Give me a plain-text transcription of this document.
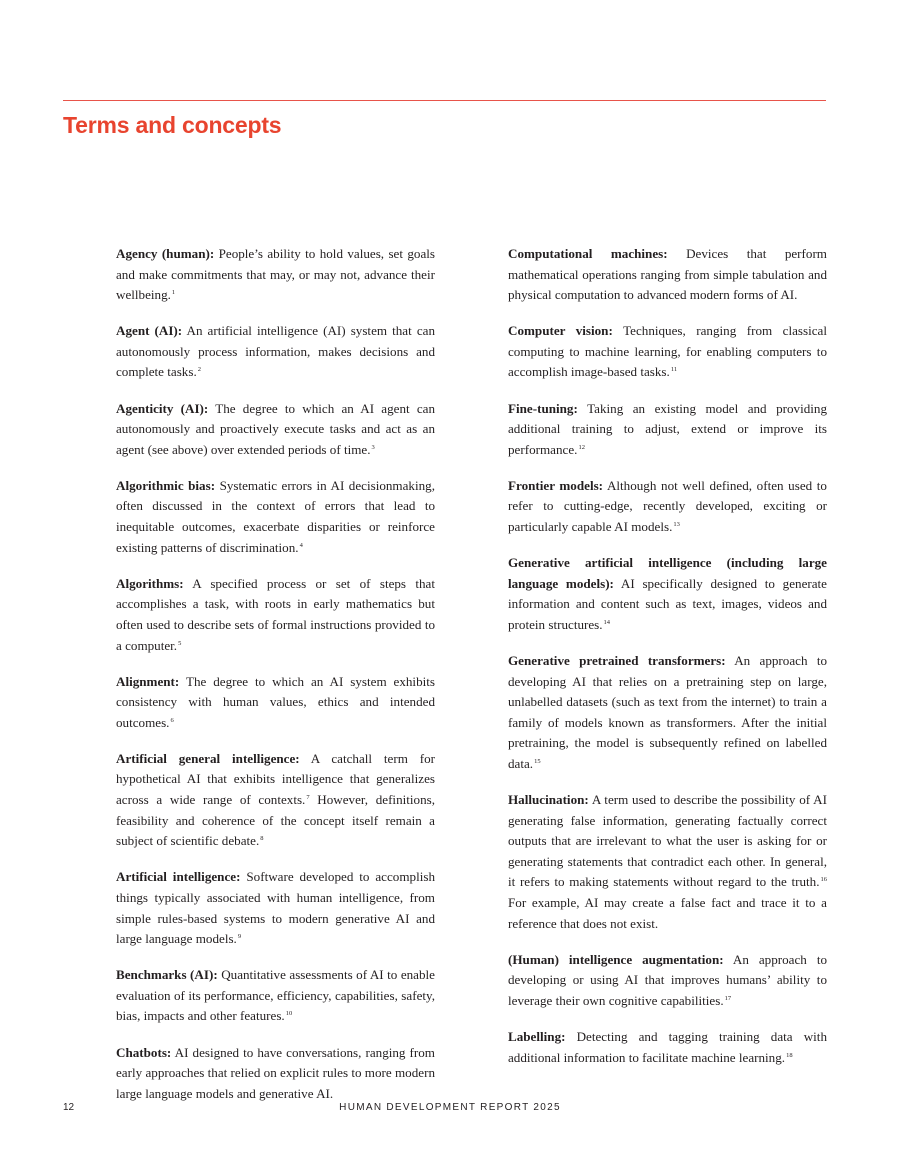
Terms and concepts

Agency (human): People’s ability to hold values, set goals and make commitments that may, or may not, advance their wellbeing.$^1$

Agent (AI): An artificial intelligence (AI) system that can autonomously process information, makes decisions and complete tasks.$^2$

Agenticity (AI): The degree to which an AI agent can autonomously and proactively execute tasks and act as an agent (see above) over extended periods of time.$^3$

Algorithmic bias: Systematic errors in AI decisionmaking, often discussed in the context of errors that lead to inequitable outcomes, exacerbate disparities or reinforce existing patterns of discrimination.$^4$

Algorithms: A specified process or set of steps that accomplishes a task, with roots in early mathematics but often used to describe sets of formal instructions provided to a computer.$^5$

Alignment: The degree to which an AI system exhibits consistency with human values, ethics and intended outcomes.$^6$

Artificial general intelligence: A catchall term for hypothetical AI that exhibits intelligence that generalizes across a wide range of contexts.$^7$ However, definitions, feasibility and coherence of the concept itself remain a subject of scientific debate.$^8$

Artificial intelligence: Software developed to accomplish things typically associated with human intelligence, from simple rules-based systems to modern generative AI and large language models.$^9$

Benchmarks (AI): Quantitative assessments of AI to enable evaluation of its performance, efficiency, capabilities, safety, bias, impacts and other features.$^{10}$

Chatbots: AI designed to have conversations, ranging from early approaches that relied on explicit rules to more modern large language models and generative AI.

Computational machines: Devices that perform mathematical operations ranging from simple tabulation and physical computation to advanced modern forms of AI.

Computer vision: Techniques, ranging from classical computing to machine learning, for enabling computers to accomplish image-based tasks.$^{11}$

Fine-tuning: Taking an existing model and providing additional training to adjust, extend or improve its performance.$^{12}$

Frontier models: Although not well defined, often used to refer to cutting-edge, recently developed, exciting or particularly capable AI models.$^{13}$

Generative artificial intelligence (including large language models): AI specifically designed to generate information and content such as text, images, videos and protein structures.$^{14}$

Generative pretrained transformers: An approach to developing AI that relies on a pretraining step on large, unlabelled datasets (such as text from the internet) to train a family of models known as transformers. After the initial pretraining, the model is subsequently refined on labelled data.$^{15}$

Hallucination: A term used to describe the possibility of AI generating false information, generating factually correct outputs that are irrelevant to what the user is asking for or generating statements that contradict each other. In general, it refers to making statements without regard to the truth.$^{16}$ For example, AI may create a false fact and trace it to a reference that does not exist.

(Human) intelligence augmentation: An approach to developing or using AI that improves humans’ ability to leverage their own cognitive capabilities.$^{17}$

Labelling: Detecting and tagging training data with additional information to facilitate machine learning.$^{18}$

12	HUMAN DEVELOPMENT REPORT 2025
